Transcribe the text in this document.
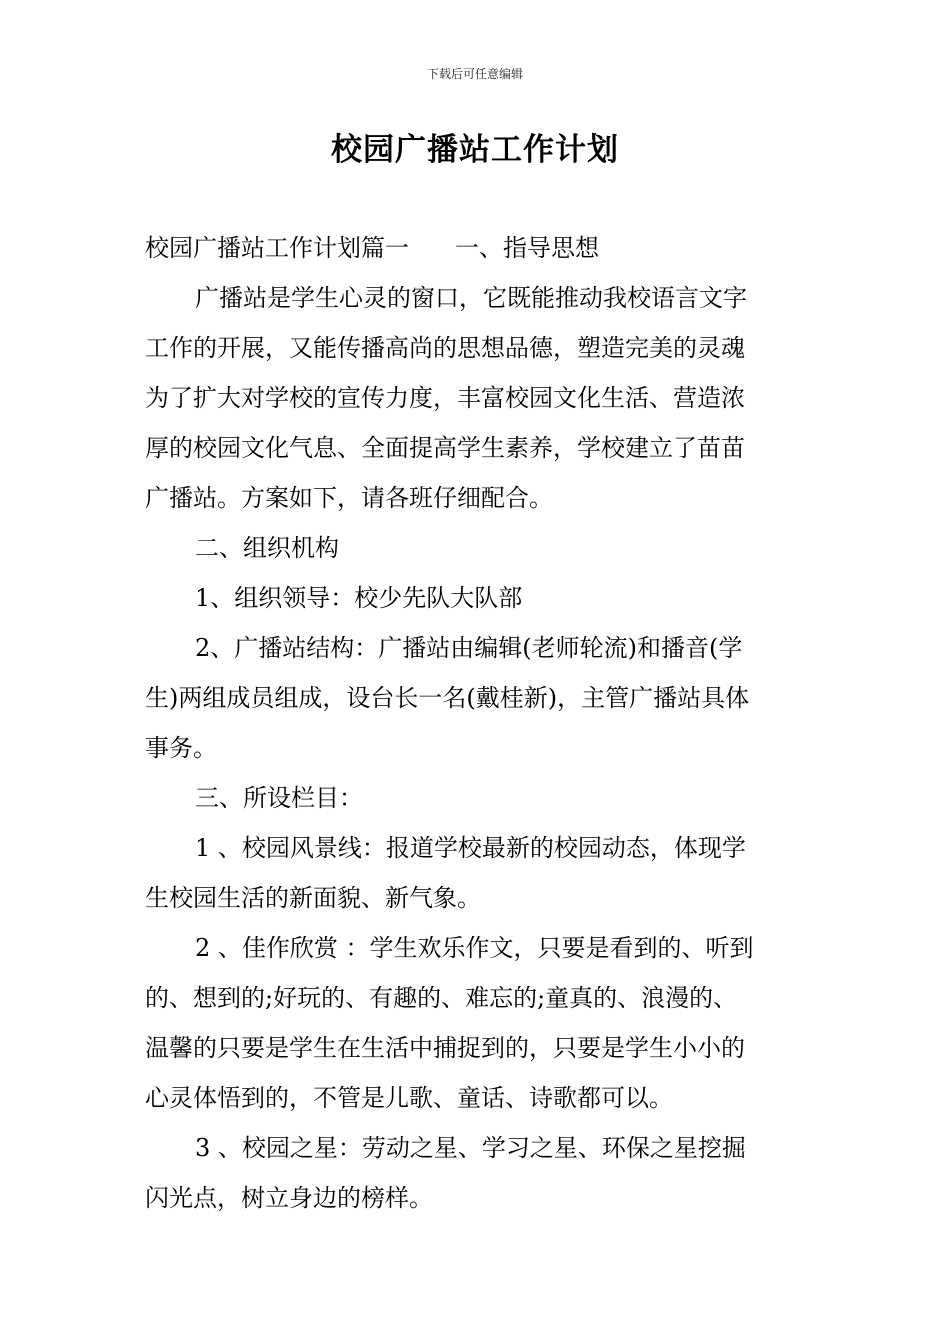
下载后可任意编辑
校园广播站工作计划
校园广播站工作计划篇一 一、指导思想
广播站是学生心灵的窗口，它既能推动我校语言文字
工作的开展，又能传播高尚的思想品德，塑造完美的灵魂
为了扩大对学校的宣传力度，丰富校园文化生活、营造浓
厚的校园文化气息、全面提高学生素养，学校建立了苗苗
广播站。方案如下，请各班仔细配合。
二、组织机构
1、组织领导：校少先队大队部
2、广播站结构：广播站由编辑(老师轮流)和播音(学
生)两组成员组成，设台长一名(戴桂新)，主管广播站具体
事务。
三、所设栏目：
1 、校园风景线：报道学校最新的校园动态，体现学
生校园生活的新面貌、新气象。
2 、佳作欣赏 ：学生欢乐作文，只要是看到的、听到
的、想到的;好玩的、有趣的、难忘的;童真的、浪漫的、
温馨的只要是学生在生活中捕捉到的，只要是学生小小的
心灵体悟到的，不管是儿歌、童话、诗歌都可以。
3 、校园之星：劳动之星、学习之星、环保之星挖掘
闪光点，树立身边的榜样。
